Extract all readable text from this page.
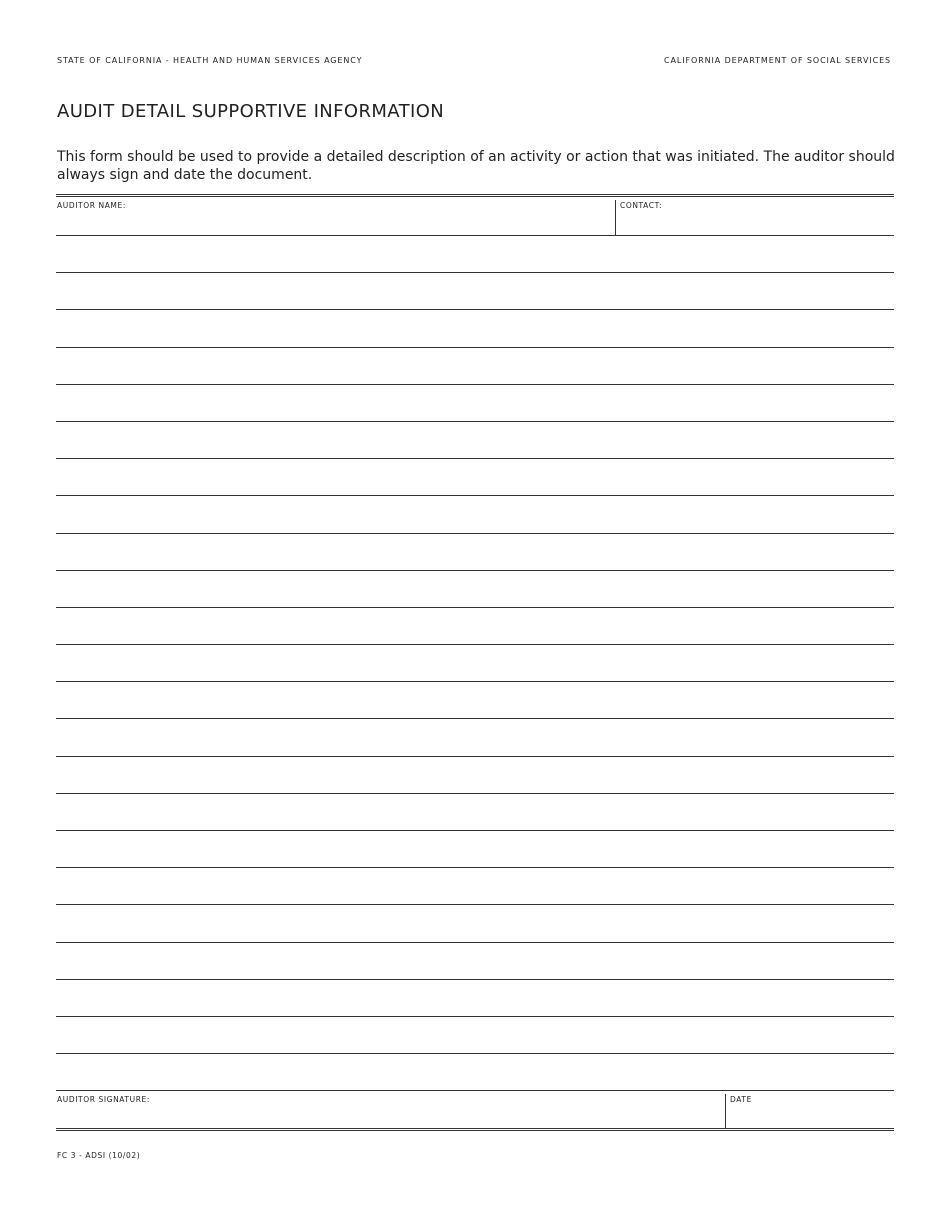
STATE OF CALIFORNIA - HEALTH AND HUMAN SERVICES AGENCY	CALIFORNIA DEPARTMENT OF SOCIAL SERVICES
AUDIT DETAIL SUPPORTIVE INFORMATION
This form should be used to provide a detailed description of an activity or action that was initiated. The auditor should always sign and date the document.
AUDITOR NAME:	CONTACT:
AUDITOR SIGNATURE:	DATE
FC 3 - ADSI (10/02)
